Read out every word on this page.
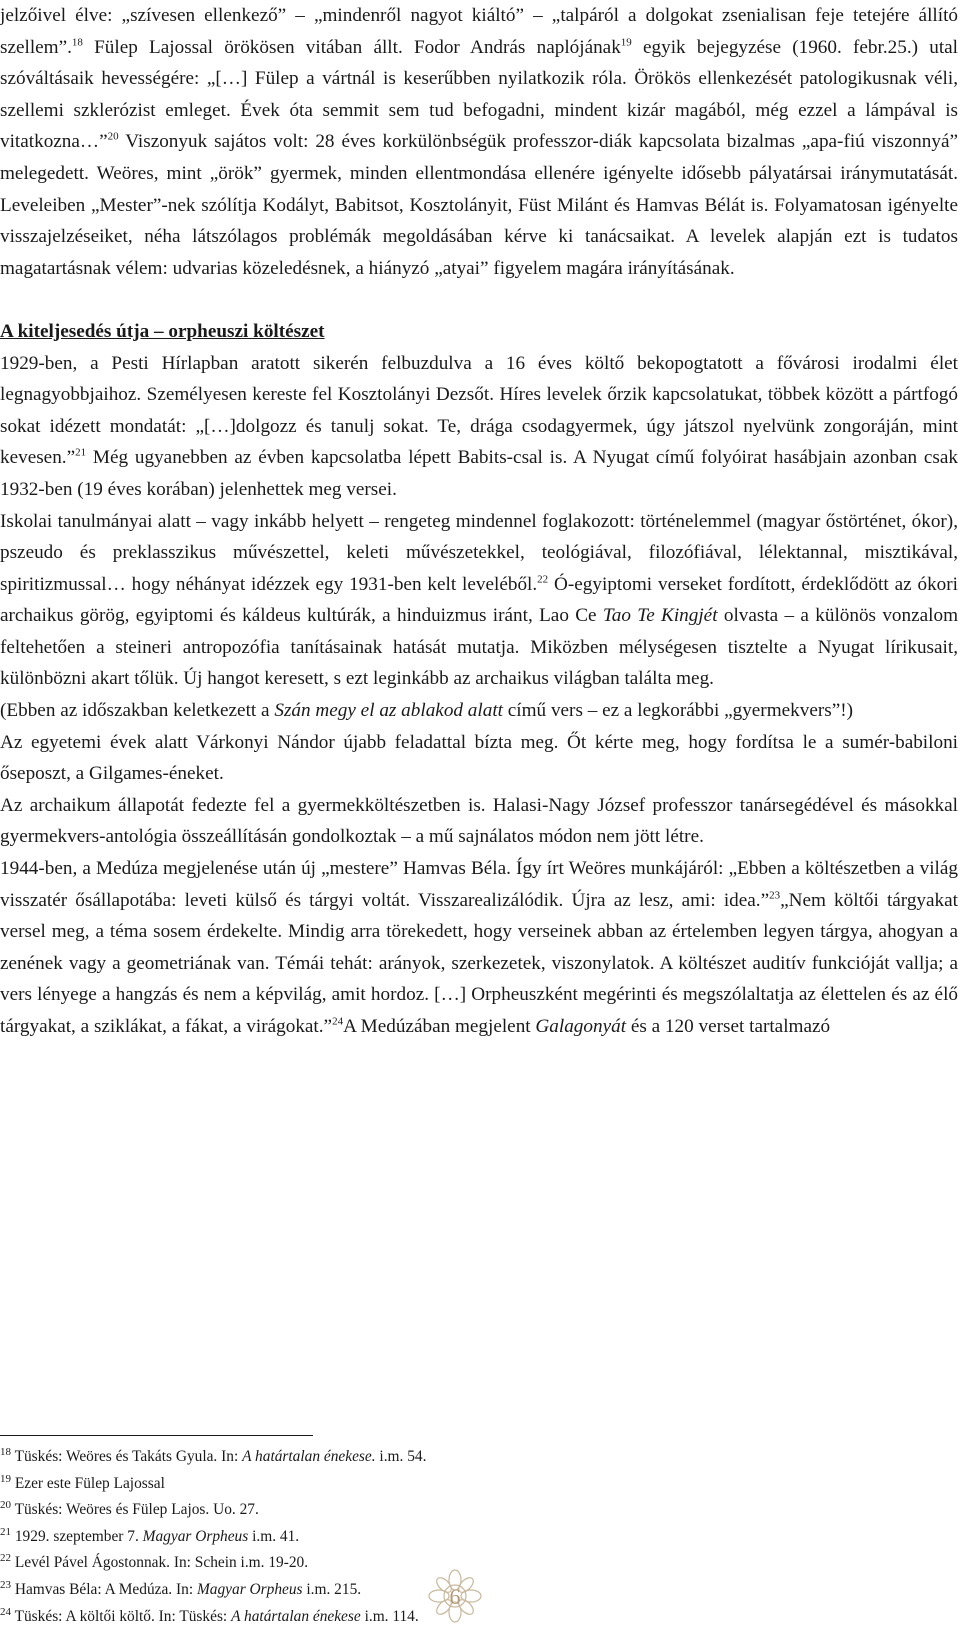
jelzőivel élve: „szívesen ellenkező” – „mindenről nagyot kiáltó” – „talpáról a dolgokat zsenialisan feje tetejére állító szellem”.$^{18}$ Fülep Lajossal örökösen vitában állt. Fodor András naplójának$^{19}$ egyik bejegyzése (1960. febr.25.) utal szóváltásaik hevességére: „[…] Fülep a vártnál is keserűbben nyilatkozik róla. Örökös ellenkezését patologikusnak véli, szellemi szklerózist emleget. Évek óta semmit sem tud befogadni, mindent kizár magából, még ezzel a lámpával is vitatkozna…”$^{20}$ Viszonyuk sajátos volt: 28 éves korkülönbségük professzor-diák kapcsolata bizalmas „apa-fiú viszonnyá” melegedett. Weöres, mint „örök” gyermek, minden ellentmondása ellenére igényelte idősebb pályatársai iránymutatását. Leveleiben „Mester”-nek szólítja Kodályt, Babitsot, Kosztolányit, Füst Milánt és Hamvas Bélát is. Folyamatosan igényelte visszajelzéseiket, néha látszólagos problémák megoldásában kérve ki tanácsaikat. A levelek alapján ezt is tudatos magatartásnak vélem: udvarias közeledésnek, a hiányzó „atyai” figyelem magára irányításának.

A kiteljesedés útja – orpheuszi költészet

1929-ben, a Pesti Hírlapban aratott sikerén felbuzdulva a 16 éves költő bekopogtatott a fővárosi irodalmi élet legnagyobbjaihoz. Személyesen kereste fel Kosztolányi Dezsőt. Híres levelek őrzik kapcsolatukat, többek között a pártfogó sokat idézett mondatát: „[…]dolgozz és tanulj sokat. Te, drága csodagyermek, úgy játszol nyelvünk zongoráján, mint kevesen.”$^{21}$ Még ugyanebben az évben kapcsolatba lépett Babits-csal is. A Nyugat című folyóirat hasábjain azonban csak 1932-ben (19 éves korában) jelenhettek meg versei.

Iskolai tanulmányai alatt – vagy inkább helyett – rengeteg mindennel foglakozott: történelemmel (magyar őstörténet, ókor), pszeudo és preklasszikus művészettel, keleti művészetekkel, teológiával, filozófiával, lélektannal, misztikával, spiritizmussal… hogy néhányat idézzek egy 1931-ben kelt leveléből.$^{22}$ Ó-egyiptomi verseket fordított, érdeklődött az ókori archaikus görög, egyiptomi és káldeus kultúrák, a hinduizmus iránt, Lao Ce Tao Te Kingjét olvasta – a különös vonzalom feltehetően a steineri antropozófia tanításainak hatását mutatja. Miközben mélységesen tisztelte a Nyugat lírikusait, különbözni akart tőlük. Új hangot keresett, s ezt leginkább az archaikus világban találta meg.

(Ebben az időszakban keletkezett a Szán megy el az ablakod alatt című vers – ez a legkorábbi „gyermekvers”!)

Az egyetemi évek alatt Várkonyi Nándor újabb feladattal bízta meg. Őt kérte meg, hogy fordítsa le a sumér-babiloni őseposzt, a Gilgames-éneket.

Az archaikum állapotát fedezte fel a gyermekköltészetben is. Halasi-Nagy József professzor tanársegédével és másokkal gyermekvers-antológia összeállításán gondolkoztak – a mű sajnálatos módon nem jött létre.

1944-ben, a Medúza megjelenése után új „mestere” Hamvas Béla. Így írt Weöres munkájáról: „Ebben a költészetben a világ visszatér ősállapotába: leveti külső és tárgyi voltát. Visszarealizálódik. Újra az lesz, ami: idea.”$^{23}$„Nem költői tárgyakat versel meg, a téma sosem érdekelte. Mindig arra törekedett, hogy verseinek abban az értelemben legyen tárgya, ahogyan a zenének vagy a geometriának van. Témái tehát: arányok, szerkezetek, viszonylatok. A költészet auditív funkcióját vallja; a vers lényege a hangzás és nem a képvilág, amit hordoz. […] Orpheuszként megérinti és megszólaltatja az élettelen és az élő tárgyakat, a sziklákat, a fákat, a virágokat.”$^{24}$A Medúzában megjelent Galagonyát és a 120 verset tartalmazó

$^{18}$ Tüskés: Weöres és Takáts Gyula. In: A határtalan énekese. i.m. 54.

$^{19}$ Ezer este Fülep Lajossal

$^{20}$ Tüskés: Weöres és Fülep Lajos. Uo. 27.

$^{21}$ 1929. szeptember 7. Magyar Orpheus i.m. 41.

$^{22}$ Levél Pável Ágostonnak. In: Schein i.m. 19-20.

$^{23}$ Hamvas Béla: A Medúza. In: Magyar Orpheus i.m. 215.

$^{24}$ Tüskés: A költői költő. In: Tüskés: A határtalan énekese i.m. 114.

6
